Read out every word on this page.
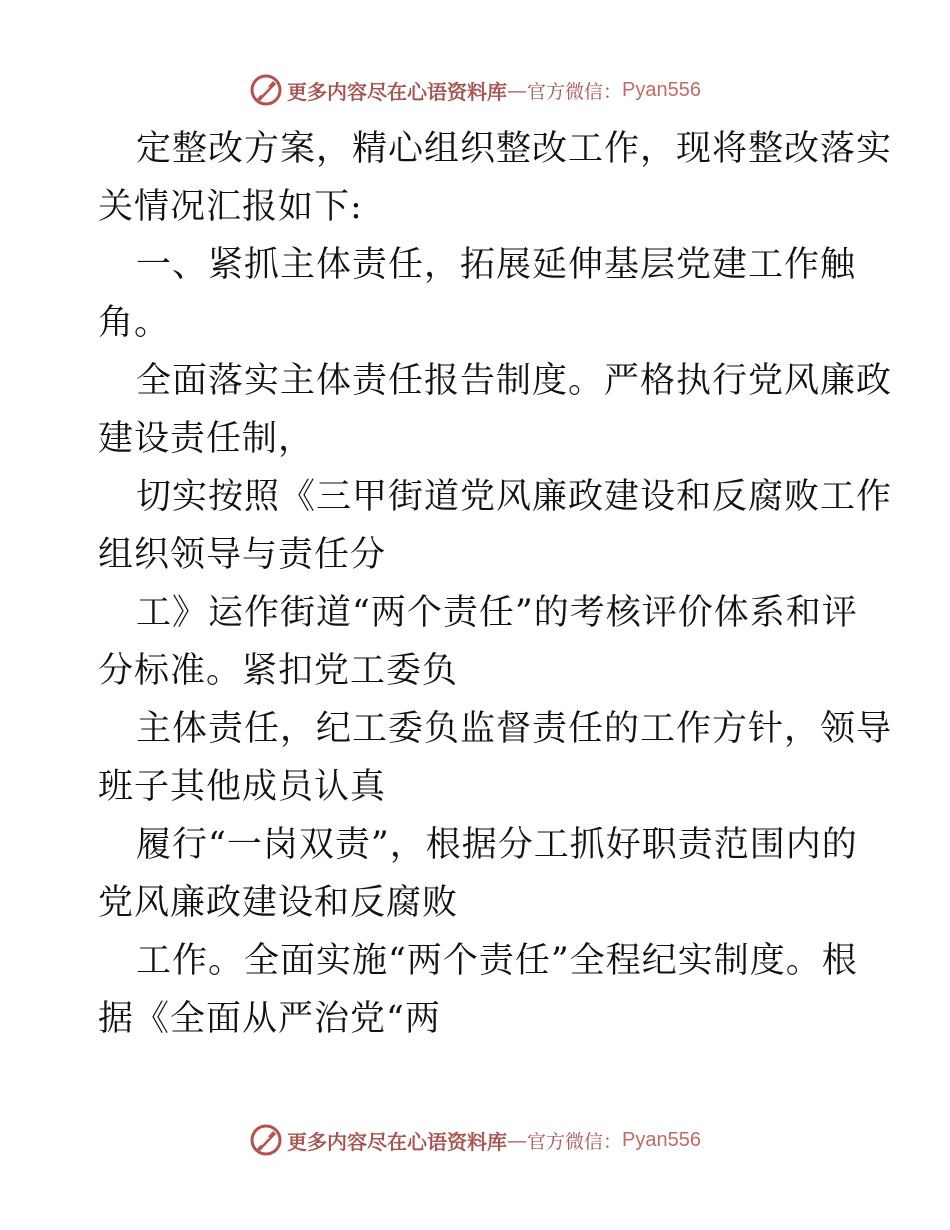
更多内容尽在心语资料库 — 官方微信： Pyan556
定整改方案，精心组织整改工作，现将整改落实
关情况汇报如下:
一、紧抓主体责任，拓展延伸基层党建工作触
角。
全面落实主体责任报告制度。严格执行党风廉政
建设责任制，
切实按照《三甲街道党风廉政建设和反腐败工作
组织领导与责任分
工》运作街道“两个责任”的考核评价体系和评
分标准。紧扣党工委负
主体责任，纪工委负监督责任的工作方针，领导
班子其他成员认真
履行“一岗双责”，根据分工抓好职责范围内的
党风廉政建设和反腐败
工作。全面实施“两个责任”全程纪实制度。根
据《全面从严治党“两
更多内容尽在心语资料库 — 官方微信： Pyan556
